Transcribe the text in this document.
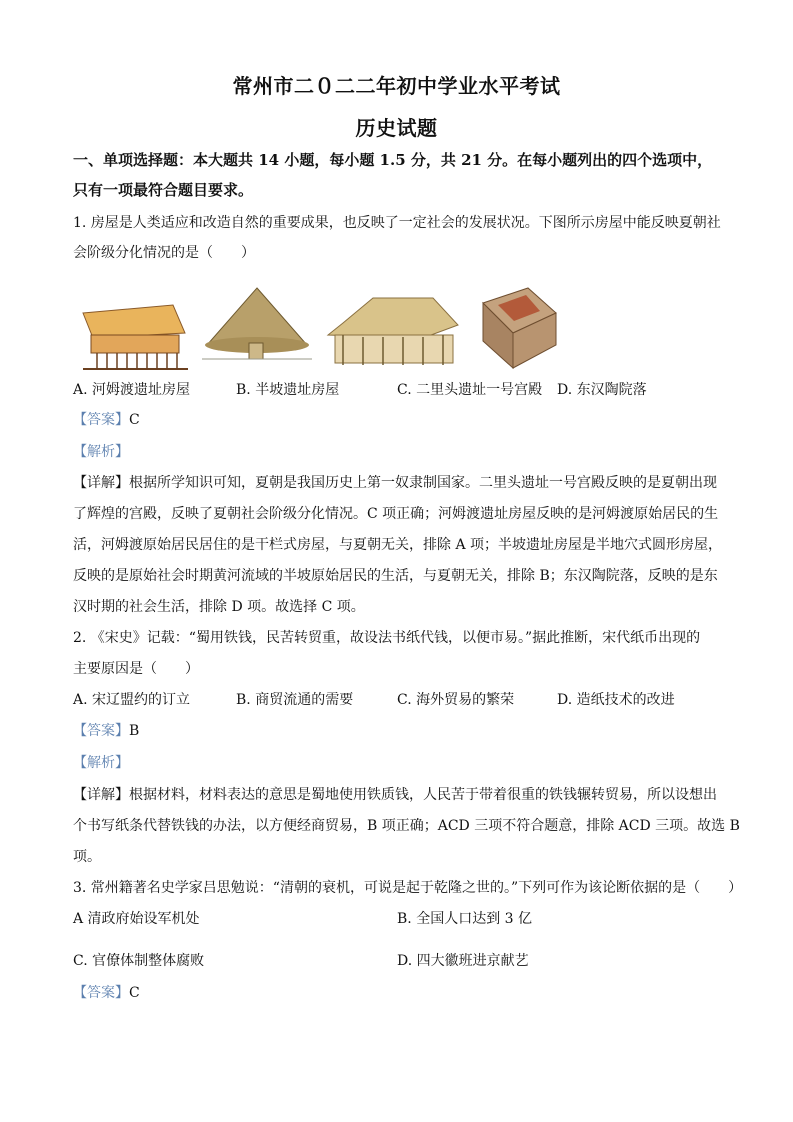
常州市二０二二年初中学业水平考试
历史试题
一、单项选择题：本大题共 14 小题，每小题 1.5 分，共 21 分。在每小题列出的四个选项中，
只有一项最符合题目要求。
1. 房屋是人类适应和改造自然的重要成果，也反映了一定社会的发展状况。下图所示房屋中能反映夏朝社
会阶级分化情况的是（　　）
A. 河姆渡遗址房屋	B. 半坡遗址房屋	C. 二里头遗址一号宫殿 D. 东汉陶院落
【答案】C
【解析】
【详解】根据所学知识可知，夏朝是我国历史上第一奴隶制国家。二里头遗址一号宫殿反映的是夏朝出现
了辉煌的宫殿，反映了夏朝社会阶级分化情况。C 项正确；河姆渡遗址房屋反映的是河姆渡原始居民的生
活，河姆渡原始居民居住的是干栏式房屋，与夏朝无关，排除 A 项；半坡遗址房屋是半地穴式圆形房屋，
反映的是原始社会时期黄河流域的半坡原始居民的生活，与夏朝无关，排除 B；东汉陶院落，反映的是东
汉时期的社会生活，排除 D 项。故选择 C 项。
2. 《宋史》记载：“蜀用铁钱，民苦转贸重，故设法书纸代钱，以便市易。”据此推断，宋代纸币出现的
主要原因是（　　）
A. 宋辽盟约的订立	B. 商贸流通的需要	C. 海外贸易的繁荣	D. 造纸技术的改进
【答案】B
【解析】
【详解】根据材料，材料表达的意思是蜀地使用铁质钱，人民苦于带着很重的铁钱辗转贸易，所以设想出
个书写纸条代替铁钱的办法，以方便经商贸易，B 项正确；ACD 三项不符合题意，排除 ACD 三项。故选 B
项。
3. 常州籍著名史学家吕思勉说：“清朝的衰机，可说是起于乾隆之世的。”下列可作为该论断依据的是（　　）
A 清政府始设军机处	B. 全国人口达到 3 亿
C. 官僚体制整体腐败	D. 四大徽班进京献艺
【答案】C
